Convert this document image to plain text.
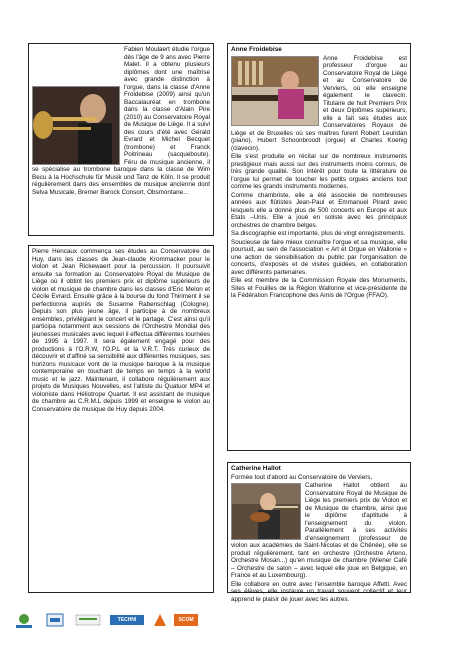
Fabien Moulaert étudie l'orgue dès l'âge de 9 ans avec Pierre Malet. Il a obtenu plusieurs diplômes dont une maîtrise avec grande distinction à l'orgue, dans la classe d'Anne Froidebise (2009) ainsi qu'un Baccalauréat en trombone dans la classe d'Alain Pire (2010) au Conservatoire Royal de Musique de Liège. Il a suivi des cours d'été avec Gérald Evrard et Michel Becquet (trombone) et Franck Poitrineau (sacqueboute). Féru de musique ancienne, il se spécialise au trombone baroque dans la classe de Wim Becu à la Hochschule für Musik und Tanz de Köln. Il se produit régulièrement dans des ensembles de musique ancienne dont Selva Musicale, Bremer Barock Consort, Obsmontane...

Anne Froidebise

Anne Froidebise est professeur d'orgue au Conservatoire Royal de Liège et au Conservatoire de Verviers, où elle enseigne également le clavecin. Titulaire de huit Premiers Prix et deux Diplômes supérieurs, elle a fait ses études aux Conservatoires Royaux de Liège et de Bruxelles où ses maîtres furent Robert Leuridan (piano), Hubert Schoonbroodt (orgue) et Charles Koenig (clavecin).

Elle s'est produite en récital sur de nombreux instruments prestigieux mais aussi sur des instruments moins connus, de très grande qualité. Son intérêt pour toute la littérature de l'orgue lui permet de toucher les petits orgues anciens tout comme les grands instruments modernes.

Comme chambriste, elle a été associée de nombreuses années aux flûtistes Jean-Paul et Emmanuel Pirard avec lesquels elle a donné plus de 500 concerts en Europe et aux Etats –Unis. Elle a joué en soliste avec les principaux orchestres de chambre belges.

Sa discographie est importante, plus de vingt enregistrements.

Soucieuse de faire mieux connaître l'orgue et sa musique, elle poursuit, au sein de l'association « Art et Orgue en Wallonie » une action de sensibilisation du public par l'organisation de concerts, d'exposés et de visites guidées, en collaboration avec différents partenaires.

Elle est membre de la Commission Royale des Monuments, Sites et Fouilles de la Région Wallonne et vice-présidente de la Fédération Francophone des Amis de l'Orgue (FFAO).

Pierre Hencaux commença ses études au Conservatoire de Huy, dans les classes de Jean-claude Krommacker pour le violon et Jean Rickewaert pour la percussion. Il poursuivit ensuite sa formation au Conservatoire Royal de Musique de Liège où il obtint les premiers prix et diplôme supérieurs de violon et musique de chambre dans les classes d'Eric Melon et Cécile Evrard. Ensuite grâce à la bourse du fond Thiriment il se perfectionna auprès de Susanne Rabenschlag (Cologne). Depuis son plus jeune âge, il participe à de nombreux ensembles, privilégiant le concert et le partage. C'est ainsi qu'il participa notamment aux sessions de l'Orchestre Mondial des jeunesses musicales avec lequel il effectua différentes tournées de 1995 à 1997. Il sera également engagé pour des productions à l'O.R.W, l'O.P.L et la V.R.T. Très curieux de découvrir et d'affiné sa sensibilité aux différentes musiques, ses horizons musicaux vont de la musique baroque à la musique contemporaine en touchant de temps en temps à la world music et le jazz. Maintenant, il collabore régulièrement aux projets de Musiques Nouvelles, est l'altiste du Quatuor MP4 et violoniste dans Héliotrope Quartet. Il est assistant de musique de chambre au C.R.M.L depuis 1999 et enseigne le violon au Conservatoire de musique de Huy depuis 2004.

Catherine Hallot

Formée tout d'abord au Conservatoire de Verviers,

Catherine Hallot obtient au Conservatoire Royal de Musique de Liège les premiers prix de Violon et de Musique de chambre, ainsi que le diplôme d'aptitude à l'enseignement du violon. Parallèlement à ses activités d'enseignement (professeur de violon aux académies de Saint-Nicolas et de Chênée), elle se produit régulièrement, tant en orchestre (Orchestre Arteno, Orchestre Mosan...) qu'en musique de chambre (Wiener Café – Orchestre de salon – avec lequel elle joue en Belgique, en France et au Luxembourg).

Elle collabore en outre avec l'ensemble baroque Affetti. Avec ses élèves, elle instaure un travail souvent collectif et leur apprend le plaisir de jouer avec les autres.

TECHNI	SCOM
